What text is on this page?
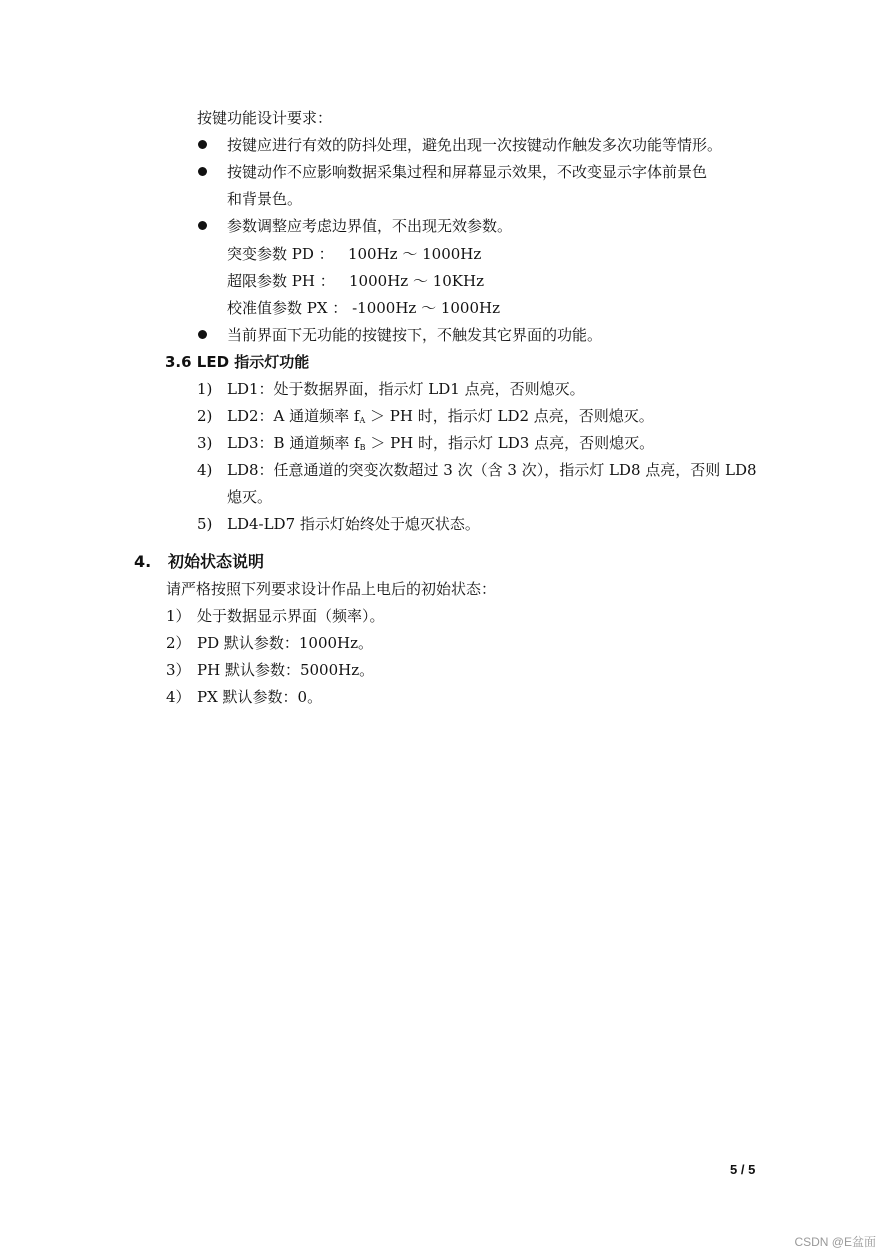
按键功能设计要求：
按键应进行有效的防抖处理，避免出现一次按键动作触发多次功能等情形。
按键动作不应影响数据采集过程和屏幕显示效果，不改变显示字体前景色
和背景色。
参数调整应考虑边界值，不出现无效参数。
突变参数 PD ：   100Hz ～ 1000Hz
超限参数 PH ：   1000Hz ～ 10KHz
校准值参数 PX ： -1000Hz ～ 1000Hz
当前界面下无功能的按键按下，不触发其它界面的功能。
3.6 LED 指示灯功能
1) LD1：处于数据界面，指示灯 LD1 点亮，否则熄灭。
2) LD2：A 通道频率 $f_A$ ＞ PH 时，指示灯 LD2 点亮，否则熄灭。
3) LD3：B 通道频率 $f_B$ ＞ PH 时，指示灯 LD3 点亮，否则熄灭。
4) LD8：任意通道的突变次数超过 3 次（含 3 次），指示灯 LD8 点亮，否则 LD8
熄灭。
5) LD4-LD7 指示灯始终处于熄灭状态。
4. 初始状态说明
请严格按照下列要求设计作品上电后的初始状态：
1） 处于数据显示界面（频率）。
2） PD 默认参数：1000Hz。
3） PH 默认参数：5000Hz。
4） PX 默认参数：0。
5 / 5
CSDN @E盆面
